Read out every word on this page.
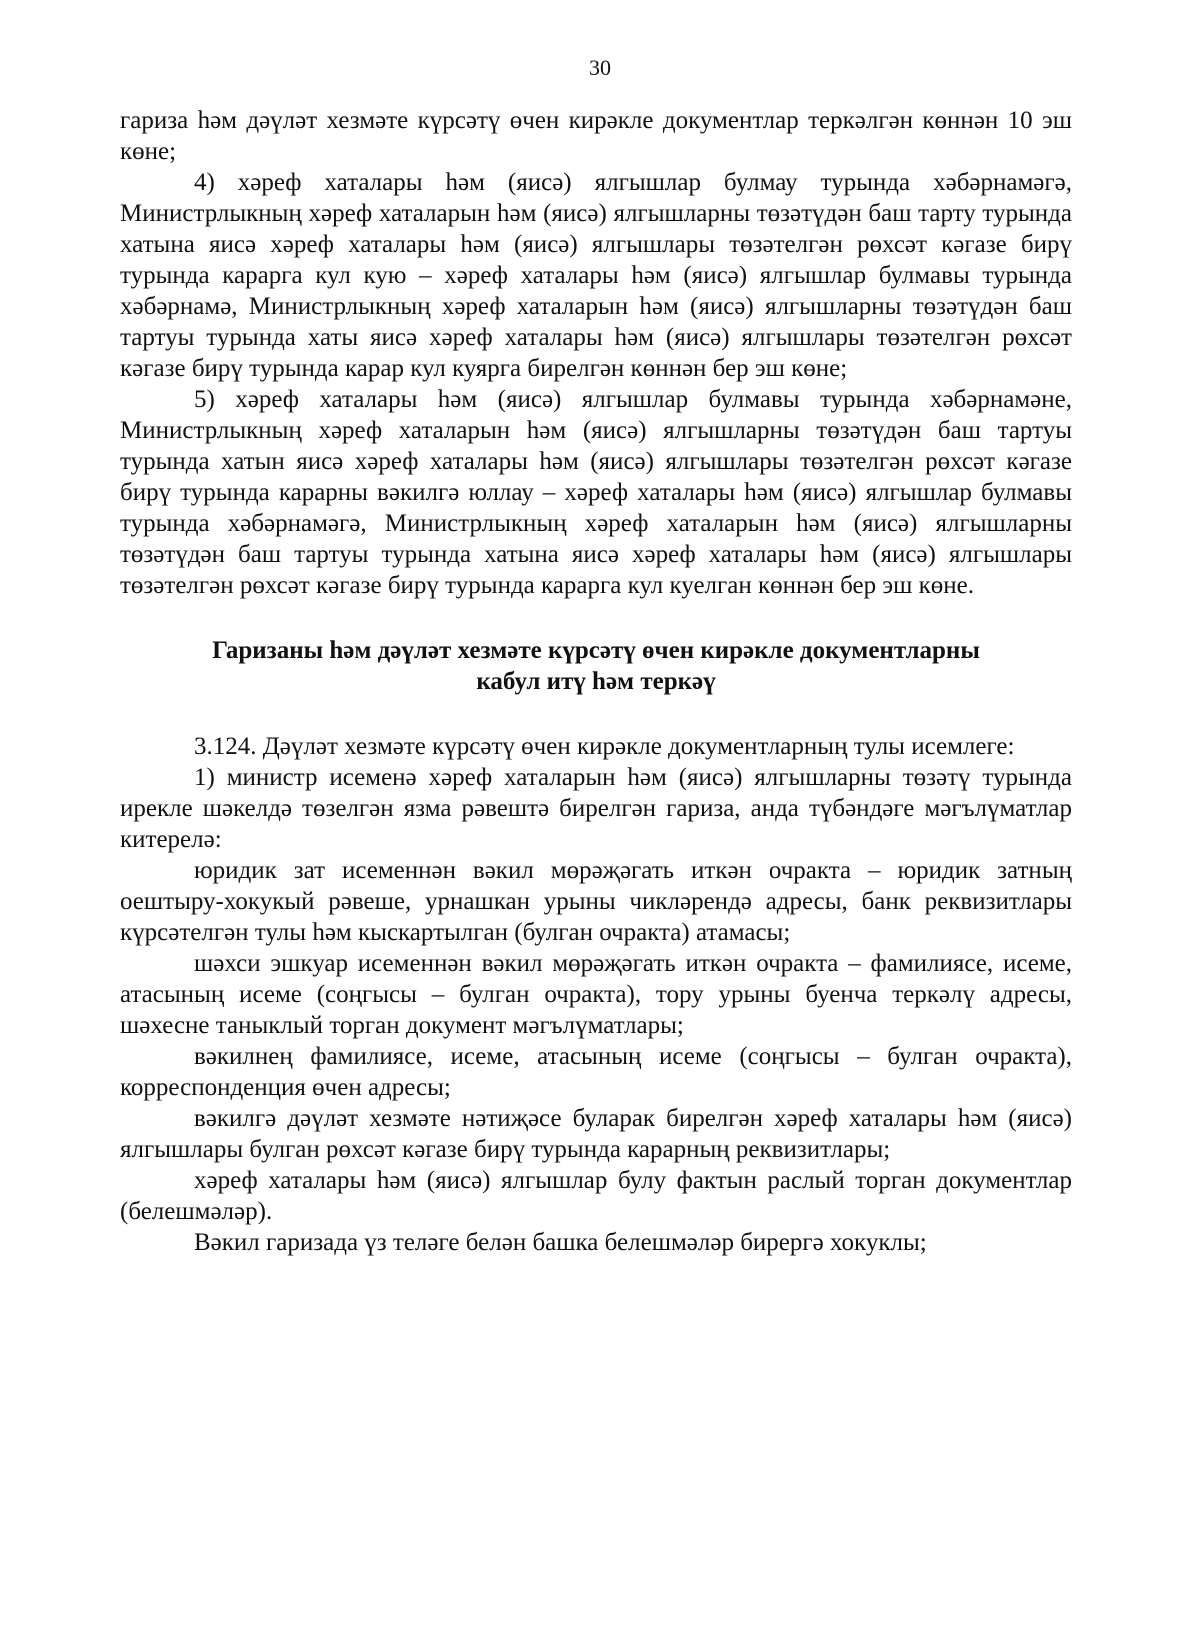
30

гариза һәм дәүләт хезмәте күрсәтү өчен кирәкле документлар теркәлгән көннән 10 эш көне;

4) хәреф хаталары һәм (яисә) ялгышлар булмау турында хәбәрнамәгә, Министрлыкның хәреф хаталарын һәм (яисә) ялгышларны төзәтүдән баш тарту турында хатына яисә хәреф хаталары һәм (яисә) ялгышлары төзәтелгән рөхсәт кәгазе бирү турында карарга кул кую – хәреф хаталары һәм (яисә) ялгышлар булмавы турында хәбәрнамә, Министрлыкның хәреф хаталарын һәм (яисә) ялгышларны төзәтүдән баш тартуы турында хаты яисә хәреф хаталары һәм (яисә) ялгышлары төзәтелгән рөхсәт кәгазе бирү турында карар кул куярга бирелгән көннән бер эш көне;

5) хәреф хаталары һәм (яисә) ялгышлар булмавы турында хәбәрнамәне, Министрлыкның хәреф хаталарын һәм (яисә) ялгышларны төзәтүдән баш тартуы турында хатын яисә хәреф хаталары һәм (яисә) ялгышлары төзәтелгән рөхсәт кәгазе бирү турында карарны вәкилгә юллау – хәреф хаталары һәм (яисә) ялгышлар булмавы турында хәбәрнамәгә, Министрлыкның хәреф хаталарын һәм (яисә) ялгышларны төзәтүдән баш тартуы турында хатына яисә хәреф хаталары һәм (яисә) ялгышлары төзәтелгән рөхсәт кәгазе бирү турында карарга кул куелган көннән бер эш көне.

Гаризаны һәм дәүләт хезмәте күрсәтү өчен кирәкле документларны

кабул итү һәм теркәү

3.124. Дәүләт хезмәте күрсәтү өчен кирәкле документларның тулы исемлеге:

1) министр исеменә хәреф хаталарын һәм (яисә) ялгышларны төзәтү турында ирекле шәкелдә төзелгән язма рәвештә бирелгән гариза, анда түбәндәге мәгълүматлар китерелә:

юридик зат исеменнән вәкил мөрәҗәгать иткән очракта – юридик затның оештыру-хокукый рәвеше, урнашкан урыны чикләрендә адресы, банк реквизитлары күрсәтелгән тулы һәм кыскартылган (булган очракта) атамасы;

шәхси эшкуар исеменнән вәкил мөрәҗәгать иткән очракта – фамилиясе, исеме, атасының исеме (соңгысы – булган очракта), тору урыны буенча теркәлү адресы, шәхесне таныклый торган документ мәгълүматлары;

вәкилнең фамилиясе, исеме, атасының исеме (соңгысы – булган очракта), корреспонденция өчен адресы;

вәкилгә дәүләт хезмәте нәтиҗәсе буларак бирелгән хәреф хаталары һәм (яисә) ялгышлары булган рөхсәт кәгазе бирү турында карарның реквизитлары;

хәреф хаталары һәм (яисә) ялгышлар булу фактын раслый торган документлар (белешмәләр).

Вәкил гаризада үз теләге белән башка белешмәләр бирергә хокуклы;
